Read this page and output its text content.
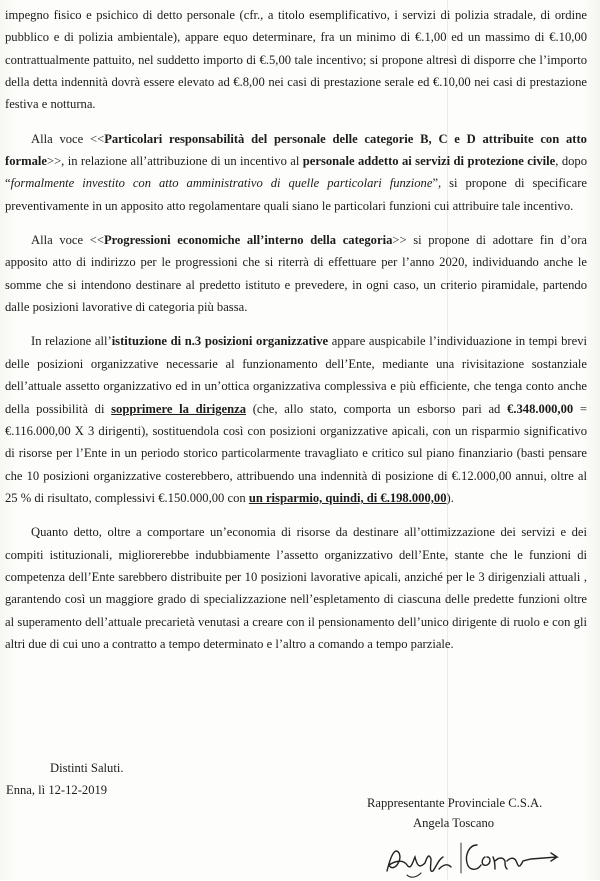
impegno fisico e psichico di detto personale (cfr., a titolo esemplificativo, i servizi di polizia stradale, di ordine pubblico e di polizia ambientale), appare equo determinare, fra un minimo di €.1,00 ed un massimo di €.10,00 contrattualmente pattuito, nel suddetto importo di €.5,00 tale incentivo; si propone altresì di disporre che l’importo della detta indennità dovrà essere elevato ad €.8,00 nei casi di prestazione serale ed €.10,00 nei casi di prestazione festiva e notturna.

Alla voce <<Particolari responsabilità del personale delle categorie B, C e D attribuite con atto formale>>, in relazione all’attribuzione di un incentivo al personale addetto ai servizi di protezione civile, dopo “formalmente investito con atto amministrativo di quelle particolari funzione”, si propone di specificare preventivamente in un apposito atto regolamentare quali siano le particolari funzioni cui attribuire tale incentivo.

Alla voce <<Progressioni economiche all’interno della categoria>> si propone di adottare fin d’ora apposito atto di indirizzo per le progressioni che si riterrà di effettuare per l’anno 2020, individuando anche le somme che si intendono destinare al predetto istituto e prevedere, in ogni caso, un criterio piramidale, partendo dalle posizioni lavorative di categoria più bassa.

In relazione all’istituzione di n.3 posizioni organizzative appare auspicabile l’individuazione in tempi brevi delle posizioni organizzative necessarie al funzionamento dell’Ente, mediante una rivisitazione sostanziale dell’attuale assetto organizzativo ed in un’ottica organizzativa complessiva e più efficiente, che tenga conto anche della possibilità di sopprimere la dirigenza (che, allo stato, comporta un esborso pari ad €.348.000,00 = €.116.000,00 X 3 dirigenti), sostituendola così con posizioni organizzative apicali, con un risparmio significativo di risorse per l’Ente in un periodo storico particolarmente travagliato e critico sul piano finanziario (basti pensare che 10 posizioni organizzative costerebbero, attribuendo una indennità di posizione di €.12.000,00 annui, oltre al 25 % di risultato, complessivi €.150.000,00 con un risparmio, quindi, di €.198.000,00).

Quanto detto, oltre a comportare un’economia di risorse da destinare all’ottimizzazione dei servizi e dei compiti istituzionali, migliorerebbe indubbiamente l’assetto organizzativo dell’Ente, stante che le funzioni di competenza dell’Ente sarebbero distribuite per 10 posizioni lavorative apicali, anziché per le 3 dirigenziali attuali , garantendo così un maggiore grado di specializzazione nell’espletamento di ciascuna delle predette funzioni oltre al superamento dell’attuale precarietà venutasi a creare con il pensionamento dell’unico dirigente di ruolo e con gli altri due di cui uno a contratto a tempo determinato e l’altro a comando a tempo parziale.

Distinti Saluti.
Enna, lì 12-12-2019
Rappresentante Provinciale C.S.A.

Angela Toscano
